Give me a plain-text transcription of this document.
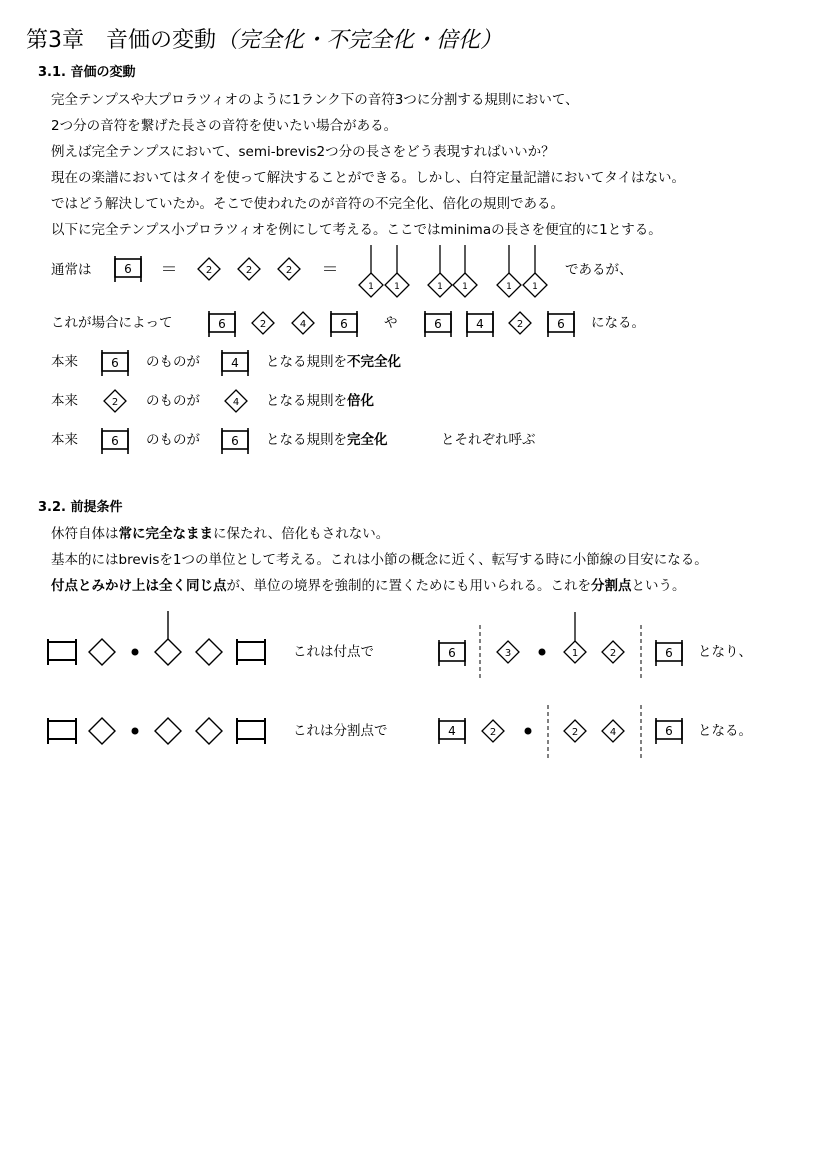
第3章　音価の変動（完全化・不完全化・倍化）
3.1. 音価の変動
完全テンプスや大プロラツィオのように1ランク下の音符3つに分割する規則において、
2つ分の音符を繋げた長さの音符を使いたい場合がある。
例えば完全テンプスにおいて、semi-brevis2つ分の長さをどう表現すればいいか？
現在の楽譜においてはタイを使って解決することができる。しかし、白符定量記譜においてタイはない。
ではどう解決していたか。そこで使われたのが音符の不完全化、倍化の規則である。
以下に完全テンプス小プロラツィオを例にして考える。ここではminimaの長さを便宜的に1とする。
通常は	6 ＝	2	2	2 ＝
1 1	1 1	1 1
6	2	4	6	6	4	2	6
6	4
2	4
6	6
6	3	1	2	6
4	2	2	4	6
であるが、
これが場合によって	や	になる。
本来	のものが	となる規則を不完全化
本来	のものが	となる規則を倍化
本来	のものが	となる規則を完全化	とそれぞれ呼ぶ
3.2. 前提条件
休符自体は常に完全なままに保たれ、倍化もされない。
基本的にはbrevisを1つの単位として考える。これは小節の概念に近く、転写する時に小節線の目安になる。
付点とみかけ上は全く同じ点が、単位の境界を強制的に置くためにも用いられる。これを分割点という。
これは付点で	となり、
これは分割点で	となる。
